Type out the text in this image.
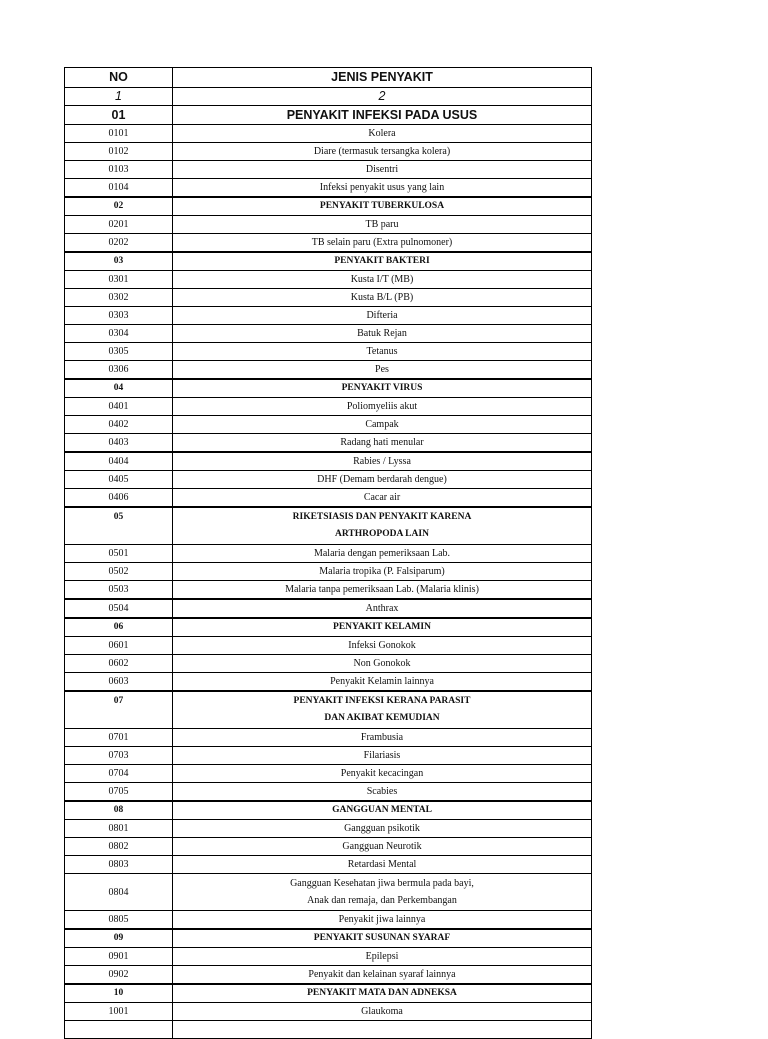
NO	JENIS PENYAKIT
1	2
01	PENYAKIT INFEKSI PADA USUS
0101	Kolera
0102	Diare (termasuk tersangka kolera)
0103	Disentri
0104	Infeksi penyakit usus yang lain
02	PENYAKIT TUBERKULOSA
0201	TB paru
0202	TB selain paru (Extra pulnomoner)
03	PENYAKIT BAKTERI
0301	Kusta I/T (MB)
0302	Kusta B/L (PB)
0303	Difteria
0304	Batuk Rejan
0305	Tetanus
0306	Pes
04	PENYAKIT VIRUS
0401	Poliomyeliis akut
0402	Campak
0403	Radang hati menular
0404	Rabies / Lyssa
0405	DHF (Demam berdarah dengue)
0406	Cacar air
05	RIKETSIASIS DAN PENYAKIT KARENA
ARTHROPODA LAIN

0501	Malaria dengan pemeriksaan Lab.
0502	Malaria tropika (P. Falsiparum)
0503	Malaria tanpa pemeriksaan Lab. (Malaria klinis)
0504	Anthrax
06	PENYAKIT KELAMIN
0601	Infeksi Gonokok
0602	Non Gonokok
0603	Penyakit Kelamin lainnya
07	PENYAKIT INFEKSI KERANA PARASIT
DAN AKIBAT KEMUDIAN

0701	Frambusia
0703	Filariasis
0704	Penyakit kecacingan
0705	Scabies
08	GANGGUAN MENTAL
0801	Gangguan psikotik
0802	Gangguan Neurotik
0803	Retardasi Mental
0804	Gangguan Kesehatan jiwa bermula pada bayi,
Anak dan remaja, dan Perkembangan

0805	Penyakit jiwa lainnya
09	PENYAKIT SUSUNAN SYARAF
0901	Epilepsi
0902	Penyakit dan kelainan syaraf lainnya
10	PENYAKIT MATA DAN ADNEKSA
1001	Glaukoma
